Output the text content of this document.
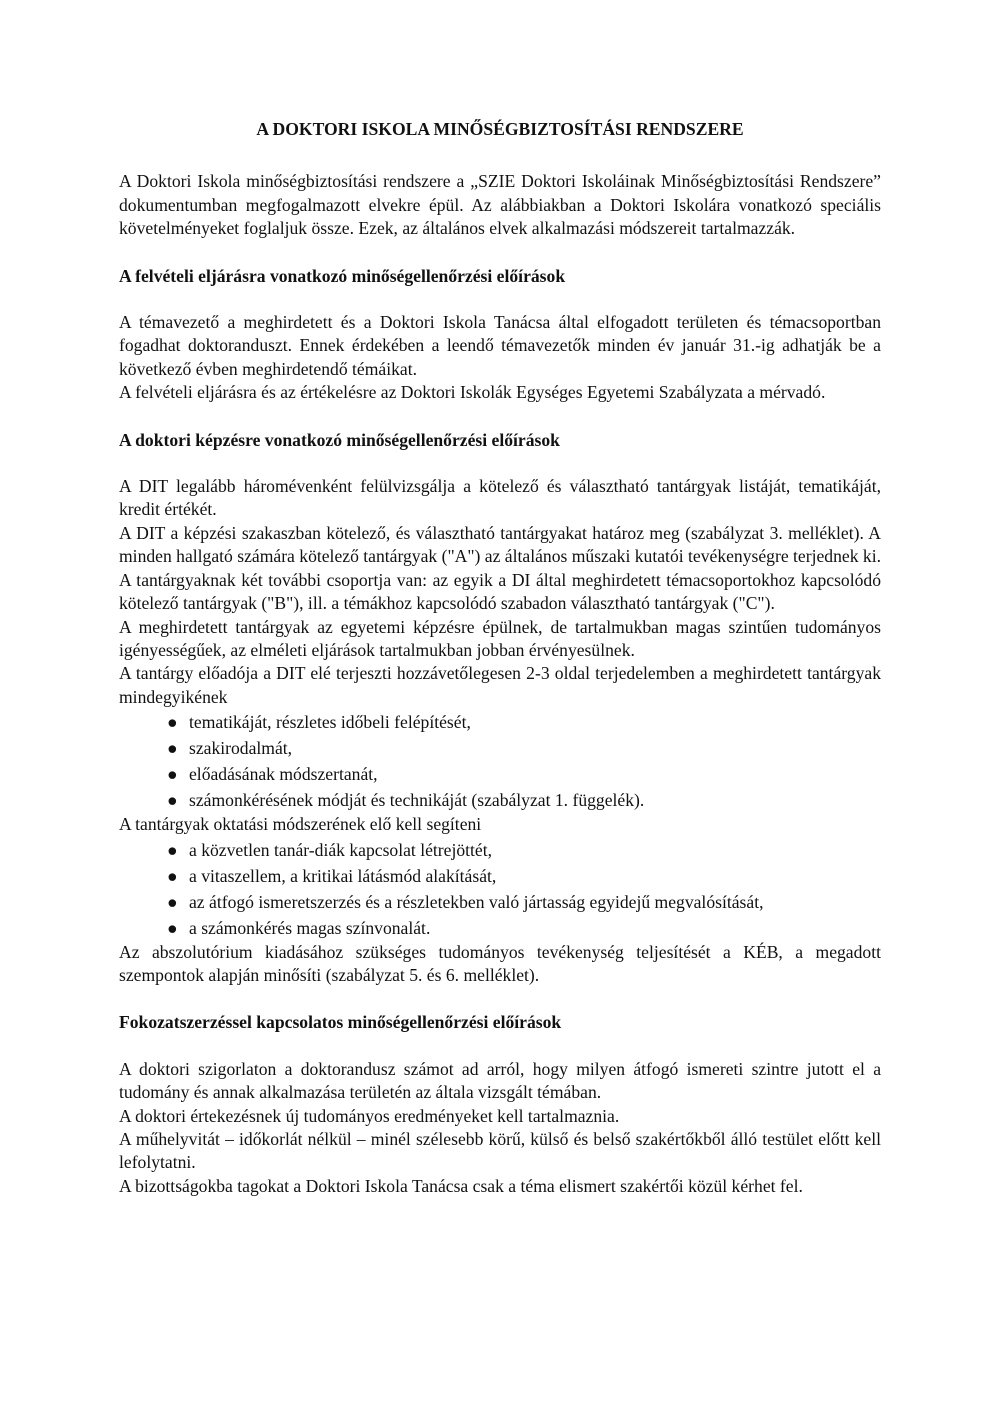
A DOKTORI ISKOLA MINŐSÉGBIZTOSÍTÁSI RENDSZERE

A Doktori Iskola minőségbiztosítási rendszere a „SZIE Doktori Iskoláinak Minőségbiztosítási Rendszere” dokumentumban megfogalmazott elvekre épül. Az alábbiakban a Doktori Iskolára vonatkozó speciális követelményeket foglaljuk össze. Ezek, az általános elvek alkalmazási módszereit tartalmazzák.

A felvételi eljárásra vonatkozó minőségellenőrzési előírások

A témavezető a meghirdetett és a Doktori Iskola Tanácsa által elfogadott területen és témacsoportban fogadhat doktoranduszt. Ennek érdekében a leendő témavezetők minden év január 31.-ig adhatják be a következő évben meghirdetendő témáikat.

A felvételi eljárásra és az értékelésre az Doktori Iskolák Egységes Egyetemi Szabályzata a mérvadó.

A doktori képzésre vonatkozó minőségellenőrzési előírások

A DIT legalább háromévenként felülvizsgálja a kötelező és választható tantárgyak listáját, tematikáját, kredit értékét.

A DIT a képzési szakaszban kötelező, és választható tantárgyakat határoz meg (szabályzat 3. melléklet). A minden hallgató számára kötelező tantárgyak ("A") az általános műszaki kutatói tevékenységre terjednek ki. A tantárgyaknak két további csoportja van: az egyik a DI által meghirdetett témacsoportokhoz kapcsolódó kötelező tantárgyak ("B"), ill. a témákhoz kapcsolódó szabadon választható tantárgyak ("C").

A meghirdetett tantárgyak az egyetemi képzésre épülnek, de tartalmukban magas szintűen tudományos igényességűek, az elméleti eljárások tartalmukban jobban érvényesülnek.

A tantárgy előadója a DIT elé terjeszti hozzávetőlegesen 2-3 oldal terjedelemben a meghirdetett tantárgyak mindegyikének

● tematikáját, részletes időbeli felépítését,
● szakirodalmát,
● előadásának módszertanát,
● számonkérésének módját és technikáját (szabályzat 1. függelék).

A tantárgyak oktatási módszerének elő kell segíteni

● a közvetlen tanár-diák kapcsolat létrejöttét,
● a vitaszellem, a kritikai látásmód alakítását,
● az átfogó ismeretszerzés és a részletekben való jártasság egyidejű megvalósítását,
● a számonkérés magas színvonalát.

Az abszolutórium kiadásához szükséges tudományos tevékenység teljesítését a KÉB, a megadott szempontok alapján minősíti (szabályzat 5. és 6. melléklet).

Fokozatszerzéssel kapcsolatos minőségellenőrzési előírások

A doktori szigorlaton a doktorandusz számot ad arról, hogy milyen átfogó ismereti szintre jutott el a tudomány és annak alkalmazása területén az általa vizsgált témában.

A doktori értekezésnek új tudományos eredményeket kell tartalmaznia.

A műhelyvitát – időkorlát nélkül – minél szélesebb körű, külső és belső szakértőkből álló testület előtt kell lefolytatni.

A bizottságokba tagokat a Doktori Iskola Tanácsa csak a téma elismert szakértői közül kérhet fel.
